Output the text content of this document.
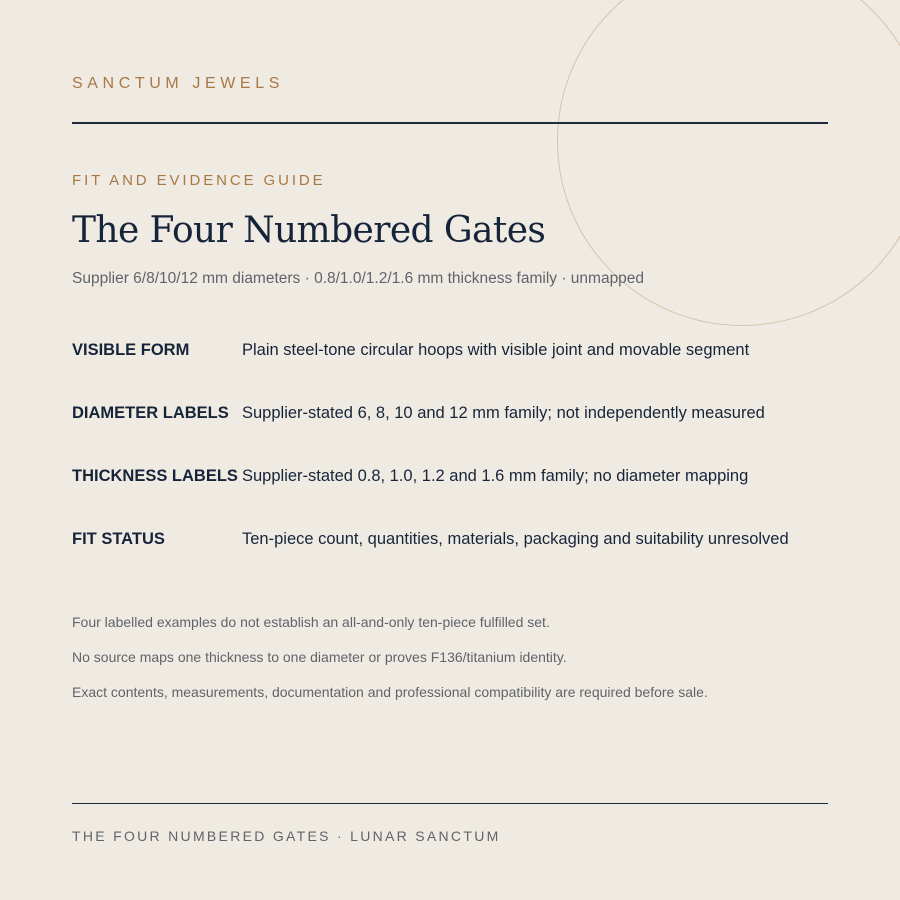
SANCTUM JEWELS
FIT AND EVIDENCE GUIDE
The Four Numbered Gates
Supplier 6/8/10/12 mm diameters · 0.8/1.0/1.2/1.6 mm thickness family · unmapped
VISIBLE FORM	Plain steel-tone circular hoops with visible joint and movable segment
DIAMETER LABELS Supplier-stated 6, 8, 10 and 12 mm family; not independently measured
THICKNESS LABELS Supplier-stated 0.8, 1.0, 1.2 and 1.6 mm family; no diameter mapping
FIT STATUS	Ten-piece count, quantities, materials, packaging and suitability unresolved
Four labelled examples do not establish an all-and-only ten-piece fulfilled set.
No source maps one thickness to one diameter or proves F136/titanium identity.
Exact contents, measurements, documentation and professional compatibility are required before sale.
THE FOUR NUMBERED GATES · LUNAR SANCTUM
